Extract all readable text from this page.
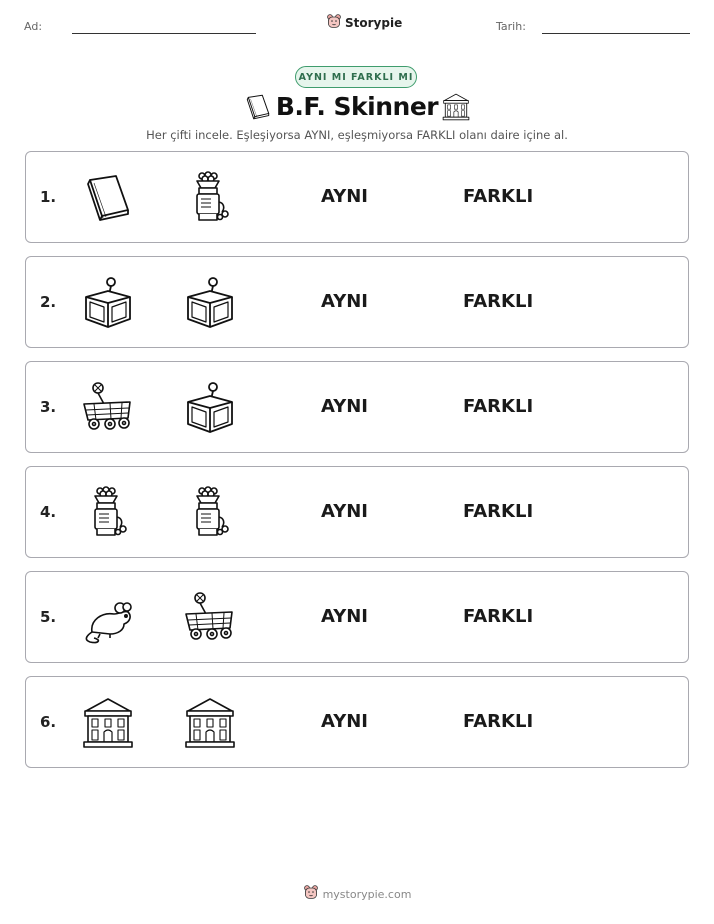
Ad:	Storypie	Tarih:
AYNI MI FARKLI MI
B.F. Skinner
Her çifti incele. Eşleşiyorsa AYNI, eşleşmiyorsa FARKLI olanı daire içine al.
1.	AYNI	FARKLI
2.	AYNI	FARKLI
3.	AYNI	FARKLI
4.	AYNI	FARKLI
5.	AYNI	FARKLI
6.	AYNI	FARKLI
mystorypie.com
